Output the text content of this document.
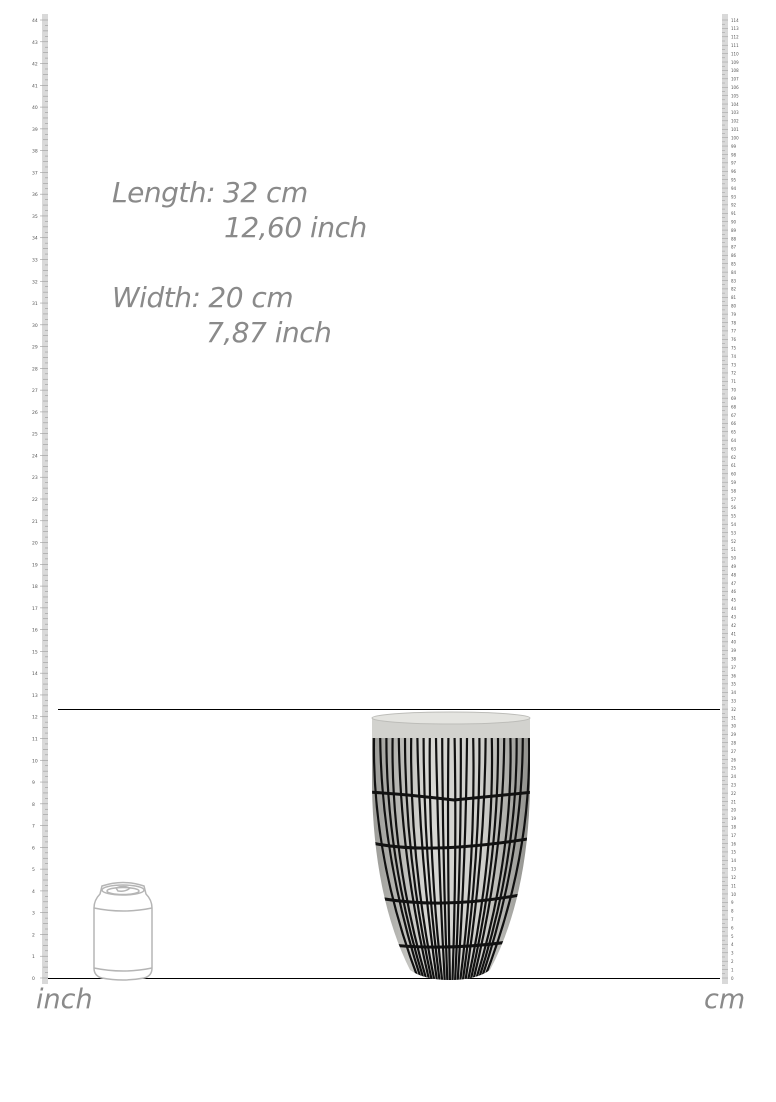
0
1
2
3
4
5
6
7
8
9
10
11
12
13
14
15
16
17
18
19
20
21
22
23
24
25
26
27
28
29
30
31
32
33
34
35
36
37
38
39
40
41
42
43
44
0
1
2
3
4
5
6
7
8
9
10
11
12
13
14
15
16
17
18
19
20
21
22
23
24
25
26
27
28
29
30
31
32
33
34
35
36
37
38
39
40
41
42
43
44
45
46
47
48
49
50
51
52
53
54
55
56
57
58
59
60
61
62
63
64
65
66
67
68
69
70
71
72
73
74
75
76
77
78
79
80
81
82
83
84
85
86
87
88
89
90
91
92
93
94
95
96
97
98
99
100
101
102
103
104
105
106
107
108
109
110
111
112
113
114
Length: 32 cm
12,60 inch
Width: 20 cm
7,87 inch
inch	cm
